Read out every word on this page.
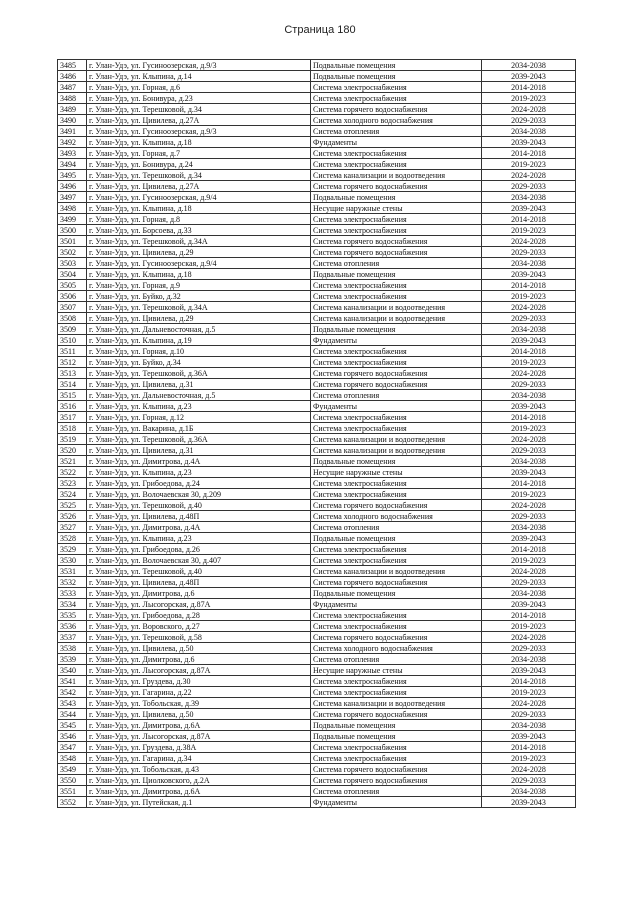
Страница 180
3485	г. Улан-Удэ, ул. Гусиноозерская, д.9/3	Подвальные помещения	2034-2038
3486	г. Улан-Удэ, ул. Клыпина, д.14	Подвальные помещения	2039-2043
3487	г. Улан-Удэ, ул. Горная, д.6	Система электроснабжения	2014-2018
3488	г. Улан-Удэ, ул. Бонивура, д.23	Система электроснабжения	2019-2023
3489	г. Улан-Удэ, ул. Терешковой, д.34	Система горячего водоснабжения	2024-2028
3490	г. Улан-Удэ, ул. Цивилева, д.27А	Система холодного водоснабжения	2029-2033
3491	г. Улан-Удэ, ул. Гусиноозерская, д.9/3	Система отопления	2034-2038
3492	г. Улан-Удэ, ул. Клыпина, д.18	Фундаменты	2039-2043
3493	г. Улан-Удэ, ул. Горная, д.7	Система электроснабжения	2014-2018
3494	г. Улан-Удэ, ул. Бонивура, д.24	Система электроснабжения	2019-2023
3495	г. Улан-Удэ, ул. Терешковой, д.34	Система канализации и водоотведения	2024-2028
3496	г. Улан-Удэ, ул. Цивилева, д.27А	Система горячего водоснабжения	2029-2033
3497	г. Улан-Удэ, ул. Гусиноозерская, д.9/4	Подвальные помещения	2034-2038
3498	г. Улан-Удэ, ул. Клыпина, д.18	Несущие наружные стены	2039-2043
3499	г. Улан-Удэ, ул. Горная, д.8	Система электроснабжения	2014-2018
3500	г. Улан-Удэ, ул. Борсоева, д.33	Система электроснабжения	2019-2023
3501	г. Улан-Удэ, ул. Терешковой, д.34А	Система горячего водоснабжения	2024-2028
3502	г. Улан-Удэ, ул. Цивилева, д.29	Система горячего водоснабжения	2029-2033
3503	г. Улан-Удэ, ул. Гусиноозерская, д.9/4	Система отопления	2034-2038
3504	г. Улан-Удэ, ул. Клыпина, д.18	Подвальные помещения	2039-2043
3505	г. Улан-Удэ, ул. Горная, д.9	Система электроснабжения	2014-2018
3506	г. Улан-Удэ, ул. Буйко, д.32	Система электроснабжения	2019-2023
3507	г. Улан-Удэ, ул. Терешковой, д.34А	Система канализации и водоотведения	2024-2028
3508	г. Улан-Удэ, ул. Цивилева, д.29	Система канализации и водоотведения	2029-2033
3509	г. Улан-Удэ, ул. Дальневосточная, д.5	Подвальные помещения	2034-2038
3510	г. Улан-Удэ, ул. Клыпина, д.19	Фундаменты	2039-2043
3511	г. Улан-Удэ, ул. Горная, д.10	Система электроснабжения	2014-2018
3512	г. Улан-Удэ, ул. Буйко, д.34	Система электроснабжения	2019-2023
3513	г. Улан-Удэ, ул. Терешковой, д.36А	Система горячего водоснабжения	2024-2028
3514	г. Улан-Удэ, ул. Цивилева, д.31	Система горячего водоснабжения	2029-2033
3515	г. Улан-Удэ, ул. Дальневосточная, д.5	Система отопления	2034-2038
3516	г. Улан-Удэ, ул. Клыпина, д.23	Фундаменты	2039-2043
3517	г. Улан-Удэ, ул. Горная, д.12	Система электроснабжения	2014-2018
3518	г. Улан-Удэ, ул. Вакарина, д.1Б	Система электроснабжения	2019-2023
3519	г. Улан-Удэ, ул. Терешковой, д.36А	Система канализации и водоотведения	2024-2028
3520	г. Улан-Удэ, ул. Цивилева, д.31	Система канализации и водоотведения	2029-2033
3521	г. Улан-Удэ, ул. Димитрова, д.4А	Подвальные помещения	2034-2038
3522	г. Улан-Удэ, ул. Клыпина, д.23	Несущие наружные стены	2039-2043
3523	г. Улан-Удэ, ул. Грибоедова, д.24	Система электроснабжения	2014-2018
3524	г. Улан-Удэ, ул. Волочаевская 30, д.209	Система электроснабжения	2019-2023
3525	г. Улан-Удэ, ул. Терешковой, д.40	Система горячего водоснабжения	2024-2028
3526	г. Улан-Удэ, ул. Цивилева, д.48П	Система холодного водоснабжения	2029-2033
3527	г. Улан-Удэ, ул. Димитрова, д.4А	Система отопления	2034-2038
3528	г. Улан-Удэ, ул. Клыпина, д.23	Подвальные помещения	2039-2043
3529	г. Улан-Удэ, ул. Грибоедова, д.26	Система электроснабжения	2014-2018
3530	г. Улан-Удэ, ул. Волочаевская 30, д.407	Система электроснабжения	2019-2023
3531	г. Улан-Удэ, ул. Терешковой, д.40	Система канализации и водоотведения	2024-2028
3532	г. Улан-Удэ, ул. Цивилева, д.48П	Система горячего водоснабжения	2029-2033
3533	г. Улан-Удэ, ул. Димитрова, д.6	Подвальные помещения	2034-2038
3534	г. Улан-Удэ, ул. Лысогорская, д.87А	Фундаменты	2039-2043
3535	г. Улан-Удэ, ул. Грибоедова, д.28	Система электроснабжения	2014-2018
3536	г. Улан-Удэ, ул. Воровского, д.27	Система электроснабжения	2019-2023
3537	г. Улан-Удэ, ул. Терешковой, д.58	Система горячего водоснабжения	2024-2028
3538	г. Улан-Удэ, ул. Цивилева, д.50	Система холодного водоснабжения	2029-2033
3539	г. Улан-Удэ, ул. Димитрова, д.6	Система отопления	2034-2038
3540	г. Улан-Удэ, ул. Лысогорская, д.87А	Несущие наружные стены	2039-2043
3541	г. Улан-Удэ, ул. Груздева, д.30	Система электроснабжения	2014-2018
3542	г. Улан-Удэ, ул. Гагарина, д.22	Система электроснабжения	2019-2023
3543	г. Улан-Удэ, ул. Тобольская, д.39	Система канализации и водоотведения	2024-2028
3544	г. Улан-Удэ, ул. Цивилева, д.50	Система горячего водоснабжения	2029-2033
3545	г. Улан-Удэ, ул. Димитрова, д.6А	Подвальные помещения	2034-2038
3546	г. Улан-Удэ, ул. Лысогорская, д.87А	Подвальные помещения	2039-2043
3547	г. Улан-Удэ, ул. Груздева, д.38А	Система электроснабжения	2014-2018
3548	г. Улан-Удэ, ул. Гагарина, д.34	Система электроснабжения	2019-2023
3549	г. Улан-Удэ, ул. Тобольская, д.43	Система горячего водоснабжения	2024-2028
3550	г. Улан-Удэ, ул. Циолковского, д.2А	Система горячего водоснабжения	2029-2033
3551	г. Улан-Удэ, ул. Димитрова, д.6А	Система отопления	2034-2038
3552	г. Улан-Удэ, ул. Путейская, д.1	Фундаменты	2039-2043
